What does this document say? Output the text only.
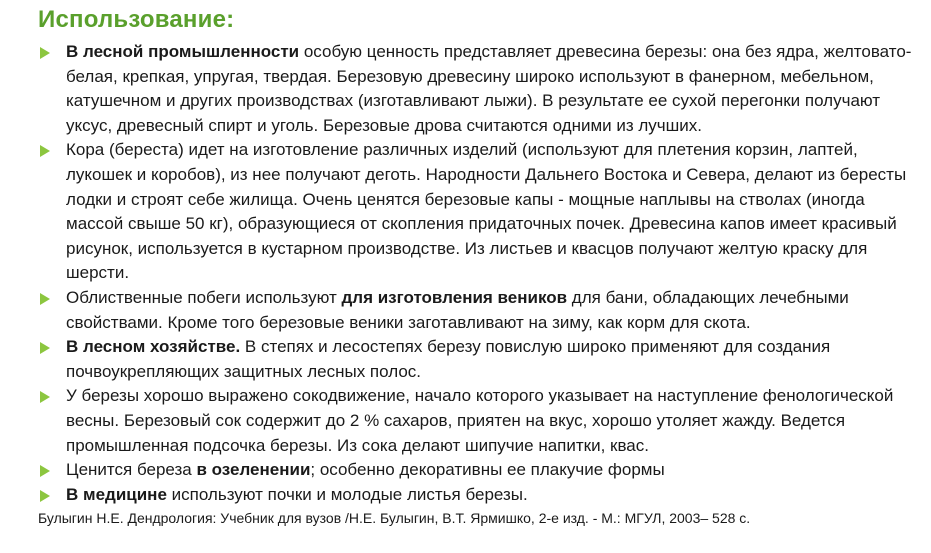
Использование:

В лесной промышленности особую ценность представляет древесина березы: она без ядра, желтовато-белая, крепкая, упругая, твердая. Березовую древесину широко используют в фанерном, мебельном, катушечном и других производствах (изготавливают лыжи). В результате ее сухой перегонки получают уксус, древесный спирт и уголь. Березовые дрова считаются одними из лучших.

Кора (береста) идет на изготовление различных изделий (используют для плетения корзин, лаптей, лукошек и коробов), из нее получают деготь. Народности Дальнего Востока и Севера, делают из бересты лодки и строят себе жилища. Очень ценятся березовые капы - мощные наплывы на стволах (иногда массой свыше 50 кг), образующиеся от скопления придаточных почек. Древесина капов имеет красивый рисунок, используется в кустарном производстве. Из листьев и квасцов получают желтую краску для шерсти.

Облиственные побеги используют для изготовления веников для бани, обладающих лечебными свойствами. Кроме того березовые веники заготавливают на зиму, как корм для скота.

В лесном хозяйстве. В степях и лесостепях березу повислую широко применяют для создания почвоукрепляющих защитных лесных полос.

У березы хорошо выражено сокодвижение, начало которого указывает на наступление фенологической весны. Березовый сок содержит до 2 % сахаров, приятен на вкус, хорошо утоляет жажду. Ведется промышленная подсочка березы. Из сока делают шипучие напитки, квас.

Ценится береза в озеленении; особенно декоративны ее плакучие формы

В медицине используют почки и молодые листья березы.

Булыгин Н.Е. Дендрология: Учебник для вузов /Н.Е. Булыгин, В.Т. Ярмишко, 2-е изд. - М.: МГУЛ, 2003– 528 с.
